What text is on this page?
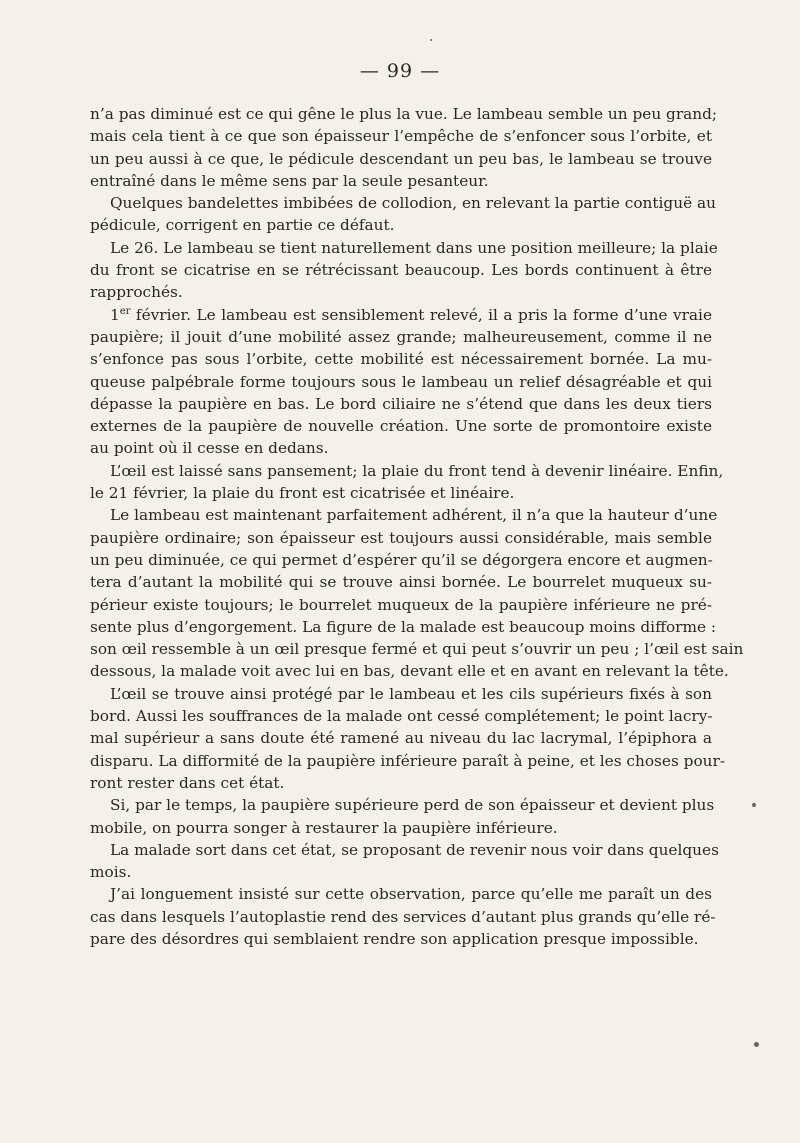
— 99 —
n’a pas diminué est ce qui gêne le plus la vue. Le lambeau semble un peu grand;
mais cela tient à ce que son épaisseur l’empêche de s’enfoncer sous l’orbite, et
un peu aussi à ce que, le pédicule descendant un peu bas, le lambeau se trouve
entraîné dans le même sens par la seule pesanteur.
Quelques bandelettes imbibées de collodion, en relevant la partie contiguë au
pédicule, corrigent en partie ce défaut.
Le 26. Le lambeau se tient naturellement dans une position meilleure; la plaie
du front se cicatrise en se rétrécissant beaucoup. Les bords continuent à être
rapprochés.
1er février. Le lambeau est sensiblement relevé, il a pris la forme d’une vraie
paupière; il jouit d’une mobilité assez grande; malheureusement, comme il ne
s’enfonce pas sous l’orbite, cette mobilité est nécessairement bornée. La mu-
queuse palpébrale forme toujours sous le lambeau un relief désagréable et qui
dépasse la paupière en bas. Le bord ciliaire ne s’étend que dans les deux tiers
externes de la paupière de nouvelle création. Une sorte de promontoire existe
au point où il cesse en dedans.
L’œil est laissé sans pansement; la plaie du front tend à devenir linéaire. Enfin,
le 21 février, la plaie du front est cicatrisée et linéaire.
Le lambeau est maintenant parfaitement adhérent, il n’a que la hauteur d’une
paupière ordinaire; son épaisseur est toujours aussi considérable, mais semble
un peu diminuée, ce qui permet d’espérer qu’il se dégorgera encore et augmen-
tera d’autant la mobilité qui se trouve ainsi bornée. Le bourrelet muqueux su-
périeur existe toujours; le bourrelet muqueux de la paupière inférieure ne pré-
sente plus d’engorgement. La figure de la malade est beaucoup moins difforme :
son œil ressemble à un œil presque fermé et qui peut s’ouvrir un peu ; l’œil est sain
dessous, la malade voit avec lui en bas, devant elle et en avant en relevant la tête.
L’œil se trouve ainsi protégé par le lambeau et les cils supérieurs fixés à son
bord. Aussi les souffrances de la malade ont cessé complétement; le point lacry-
mal supérieur a sans doute été ramené au niveau du lac lacrymal, l’épiphora a
disparu. La difformité de la paupière inférieure paraît à peine, et les choses pour-
ront rester dans cet état.
Si, par le temps, la paupière supérieure perd de son épaisseur et devient plus
mobile, on pourra songer à restaurer la paupière inférieure.
La malade sort dans cet état, se proposant de revenir nous voir dans quelques
mois.
J’ai longuement insisté sur cette observation, parce qu’elle me paraît un des
cas dans lesquels l’autoplastie rend des services d’autant plus grands qu’elle ré-
pare des désordres qui semblaient rendre son application presque impossible.
